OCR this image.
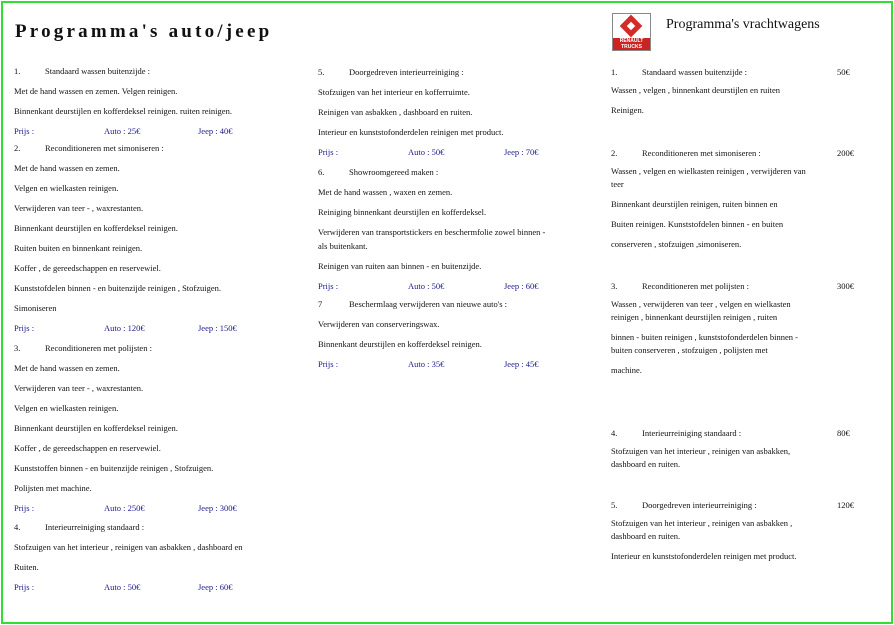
Programma's auto/jeep	RENAULT
TRUCKS
Programma's vrachtwagens
1.	Standaard wassen buitenzijde :
Met de hand wassen en zemen. Velgen reinigen.
Binnenkant deurstijlen en kofferdeksel reinigen. ruiten reinigen.
Prijs :	Auto : 25€	Jeep : 40€
2.	Reconditioneren met simoniseren :
Met de hand wassen en zemen.
Velgen en wielkasten reinigen.
Verwijderen van teer - , waxrestanten.
Binnenkant deurstijlen en kofferdeksel reinigen.
Ruiten buiten en binnenkant reinigen.
Koffer , de gereedschappen en reservewiel.
Kunststofdelen binnen - en buitenzijde reinigen , Stofzuigen.
Simoniseren
Prijs :	Auto : 120€	Jeep : 150€
3.	Reconditioneren met polijsten :
Met de hand wassen en zemen.
Verwijderen van teer - , waxrestanten.
Velgen en wielkasten reinigen.
Binnenkant deurstijlen en kofferdeksel reinigen.
Koffer , de gereedschappen en reservewiel.
Kunststoffen binnen - en buitenzijde reinigen , Stofzuigen.
Polijsten met machine.
Prijs :	Auto : 250€	Jeep : 300€
4.	Interieurreiniging standaard :
Stofzuigen van het interieur , reinigen van asbakken , dashboard en
Ruiten.
Prijs :	Auto : 50€	Jeep : 60€
5.	Doorgedreven interieurreiniging :
Stofzuigen van het interieur en kofferruimte.
Reinigen van asbakken , dashboard en ruiten.
Interieur en kunststofonderdelen reinigen met product.
Prijs :	Auto : 50€	Jeep : 70€
6.	Showroomgereed maken :
Met de hand wassen , waxen en zemen.
Reiniging binnenkant deurstijlen en kofferdeksel.
Verwijderen van transportstickers en beschermfolie zowel binnen -
als buitenkant.
Reinigen van ruiten aan binnen - en buitenzijde.
Prijs :	Auto : 50€	Jeep : 60€
7	Beschermlaag verwijderen van nieuwe auto's :
Verwijderen van conserveringswax.
Binnenkant deurstijlen en kofferdeksel reinigen.
Prijs :	Auto : 35€	Jeep : 45€
1.	Standaard wassen buitenzijde :	50€
Wassen , velgen , binnenkant deurstijlen en ruiten
Reinigen.
2.	Reconditioneren met simoniseren :	200€
Wassen , velgen en wielkasten reinigen , verwijderen van
teer
Binnenkant deurstijlen reinigen, ruiten binnen en
Buiten reinigen. Kunststofdelen binnen - en buiten
conserveren , stofzuigen ,simoniseren.
3.	Reconditioneren met polijsten :	300€
Wassen , verwijderen van teer , velgen en wielkasten
reinigen , binnenkant deurstijlen reinigen , ruiten
binnen - buiten reinigen , kunststofonderdelen binnen -
buiten conserveren , stofzuigen , polijsten met
machine.
4.	Interieurreiniging standaard :	80€
Stofzuigen van het interieur , reinigen van asbakken,
dashboard en ruiten.
5.	Doorgedreven interieurreiniging :	120€
Stofzuigen van het interieur , reinigen van asbakken ,
dashboard en ruiten.
Interieur en kunststofonderdelen reinigen met product.
